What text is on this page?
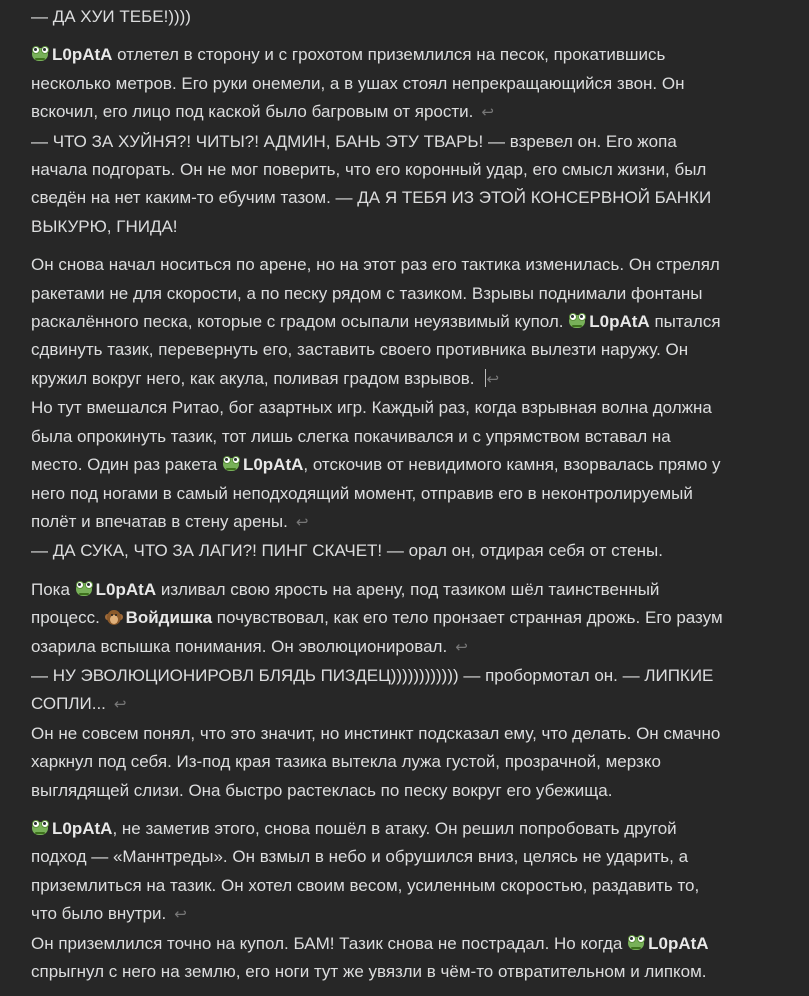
— ДА ХУИ ТЕБЕ!))))
L0pAtA отлетел в сторону и с грохотом приземлился на песок, прокатившись
несколько метров. Его руки онемели, а в ушах стоял непрекращающийся звон. Он
вскочил, его лицо под каской было багровым от ярости. ↩
— ЧТО ЗА ХУЙНЯ?! ЧИТЫ?! АДМИН, БАНЬ ЭТУ ТВАРЬ! — взревел он. Его жопа
начала подгорать. Он не мог поверить, что его коронный удар, его смысл жизни, был
сведён на нет каким-то ебучим тазом. — ДА Я ТЕБЯ ИЗ ЭТОЙ КОНСЕРВНОЙ БАНКИ
ВЫКУРЮ, ГНИДА!
Он снова начал носиться по арене, но на этот раз его тактика изменилась. Он стрелял
ракетами не для скорости, а по песку рядом с тазиком. Взрывы поднимали фонтаны
раскалённого песка, которые с градом осыпали неуязвимый купол.
L0pAtA пытался
сдвинуть тазик, перевернуть его, заставить своего противника вылезти наружу. Он
кружил вокруг него, как акула, поливая градом взрывов. ↩
Но тут вмешался Ритао, бог азартных игр. Каждый раз, когда взрывная волна должна
была опрокинуть тазик, тот лишь слегка покачивался и с упрямством вставал на
место. Один раз ракета
L0pAtA, отскочив от невидимого камня, взорвалась прямо у
него под ногами в самый неподходящий момент, отправив его в неконтролируемый
полёт и впечатав в стену арены. ↩
— ДА СУКА, ЧТО ЗА ЛАГИ?! ПИНГ СКАЧЕТ! — орал он, отдирая себя от стены.
Пока
L0pAtA изливал свою ярость на арену, под тазиком шёл таинственный
процесс.
Войдишка почувствовал, как его тело пронзает странная дрожь. Его разум
озарила вспышка понимания. Он эволюционировал. ↩
— НУ ЭВОЛЮЦИОНИРОВЛ БЛЯДЬ ПИЗДЕЦ)))))))))))) — пробормотал он. — ЛИПКИЕ
СОПЛИ... ↩
Он не совсем понял, что это значит, но инстинкт подсказал ему, что делать. Он смачно
харкнул под себя. Из-под края тазика вытекла лужа густой, прозрачной, мерзко
выглядящей слизи. Она быстро растеклась по песку вокруг его убежища.
L0pAtA, не заметив этого, снова пошёл в атаку. Он решил попробовать другой
подход — «Маннтреды». Он взмыл в небо и обрушился вниз, целясь не ударить, а
приземлиться на тазик. Он хотел своим весом, усиленным скоростью, раздавить то,
что было внутри. ↩
Он приземлился точно на купол. БАМ! Тазик снова не пострадал. Но когда
L0pAtA
спрыгнул с него на землю, его ноги тут же увязли в чём-то отвратительном и липком.
